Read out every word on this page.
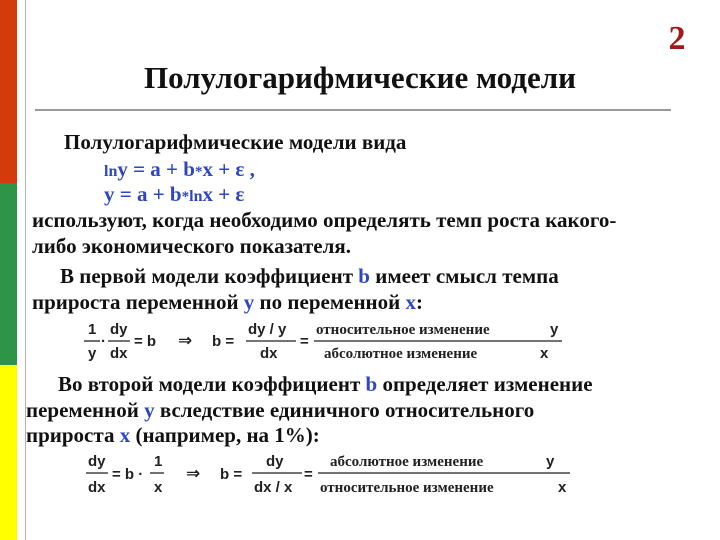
2
Полулогарифмические модели
Полулогарифмические модели вида
lny = a + b*x + ε ,
y = a + b*lnx + ε
используют, когда необходимо определять темп роста какого-
либо экономического показателя.
В первой модели коэффициент b имеет смысл темпа
прироста переменной y по переменной x:
1
y
·
dy
dx
= b ⇒ b =
dy / y
dx
=
относительное изменение	y
абсолютное изменение	x
Во второй модели коэффициент b определяет изменение
переменной y вследствие единичного относительного
прироста x (например, на 1%):
dy
dx
= b ·
1
x
⇒ b =
dy
dx / x
=
абсолютное изменение	y
относительное изменение	x
